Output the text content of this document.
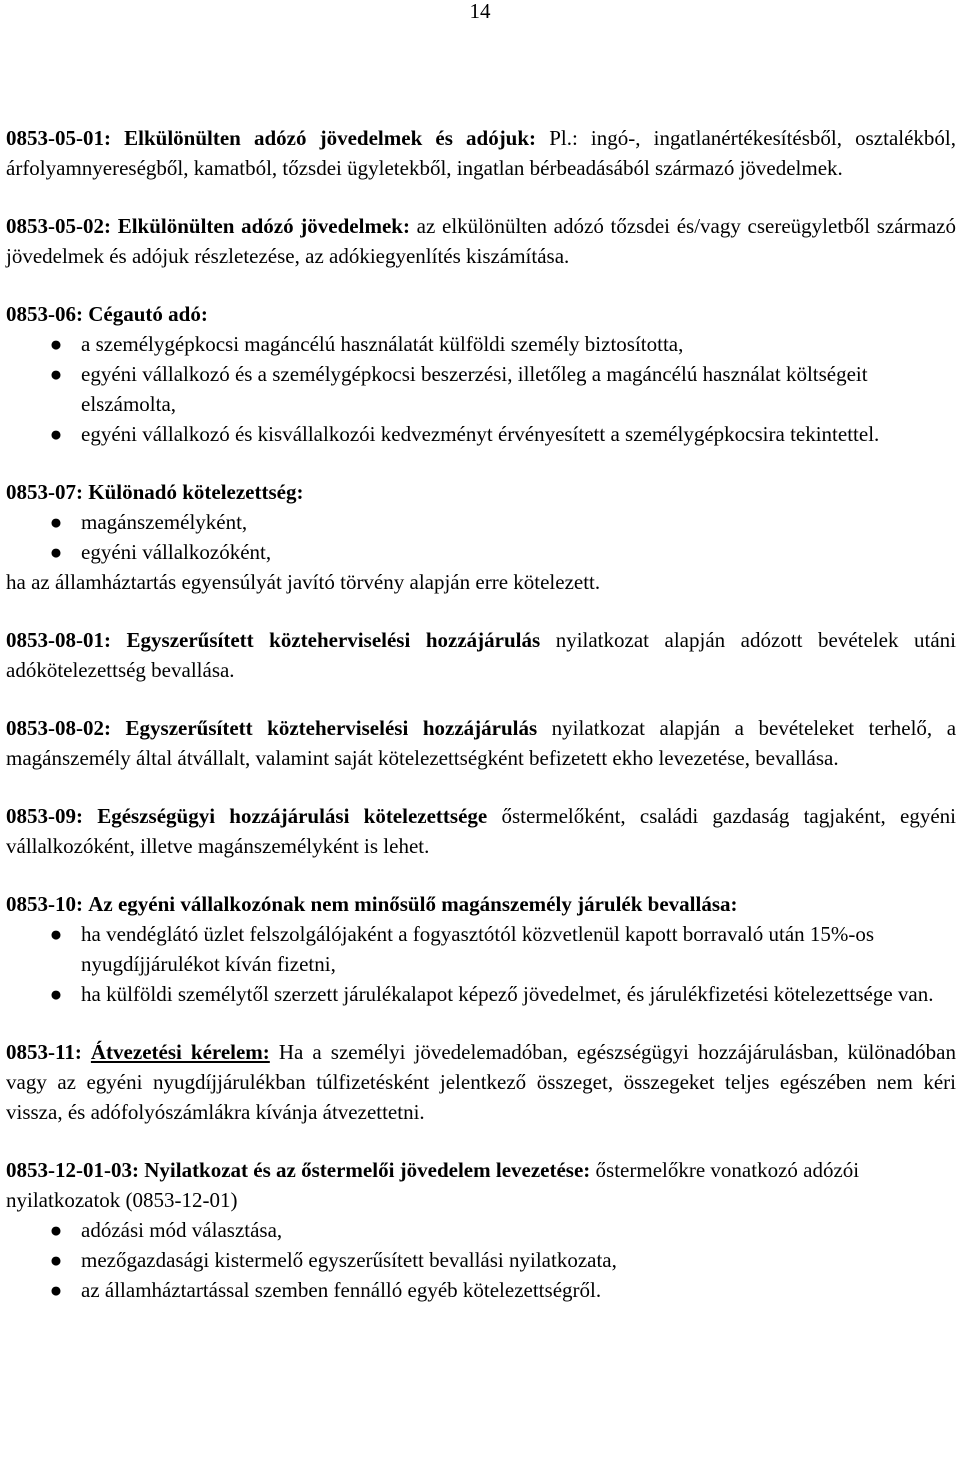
14

0853-05-01: Elkülönülten adózó jövedelmek és adójuk: Pl.: ingó-, ingatlanértékesítésből, osztalékból, árfolyamnyereségből, kamatból, tőzsdei ügyletekből, ingatlan bérbeadásából származó jövedelmek.

0853-05-02: Elkülönülten adózó jövedelmek: az elkülönülten adózó tőzsdei és/vagy csereügyletből származó jövedelmek és adójuk részletezése, az adókiegyenlítés kiszámítása.

0853-06: Cégautó adó:

● a személygépkocsi magáncélú használatát külföldi személy biztosította,
● egyéni vállalkozó és a személygépkocsi beszerzési, illetőleg a magáncélú használat költségeit elszámolta,
● egyéni vállalkozó és kisvállalkozói kedvezményt érvényesített a személygépkocsira tekintettel.

0853-07: Különadó kötelezettség:

● magánszemélyként,
● egyéni vállalkozóként,

ha az államháztartás egyensúlyát javító törvény alapján erre kötelezett.

0853-08-01: Egyszerűsített közteherviselési hozzájárulás nyilatkozat alapján adózott bevételek utáni adókötelezettség bevallása.

0853-08-02: Egyszerűsített közteherviselési hozzájárulás nyilatkozat alapján a bevételeket terhelő, a magánszemély által átvállalt, valamint saját kötelezettségként befizetett ekho levezetése, bevallása.

0853-09: Egészségügyi hozzájárulási kötelezettsége őstermelőként, családi gazdaság tagjaként, egyéni vállalkozóként, illetve magánszemélyként is lehet.

0853-10: Az egyéni vállalkozónak nem minősülő magánszemély járulék bevallása:

● ha vendéglátó üzlet felszolgálójaként a fogyasztótól közvetlenül kapott borravaló után 15%-os nyugdíjjárulékot kíván fizetni,
● ha külföldi személytől szerzett járulékalapot képező jövedelmet, és járulékfizetési kötelezettsége van.

0853-11: Átvezetési kérelem: Ha a személyi jövedelemadóban, egészségügyi hozzájárulásban, különadóban vagy az egyéni nyugdíjjárulékban túlfizetésként jelentkező összeget, összegeket teljes egészében nem kéri vissza, és adófolyószámlákra kívánja átvezettetni.

0853-12-01-03: Nyilatkozat és az őstermelői jövedelem levezetése: őstermelőkre vonatkozó adózói nyilatkozatok (0853-12-01)

● adózási mód választása,
● mezőgazdasági kistermelő egyszerűsített bevallási nyilatkozata,
● az államháztartással szemben fennálló egyéb kötelezettségről.
